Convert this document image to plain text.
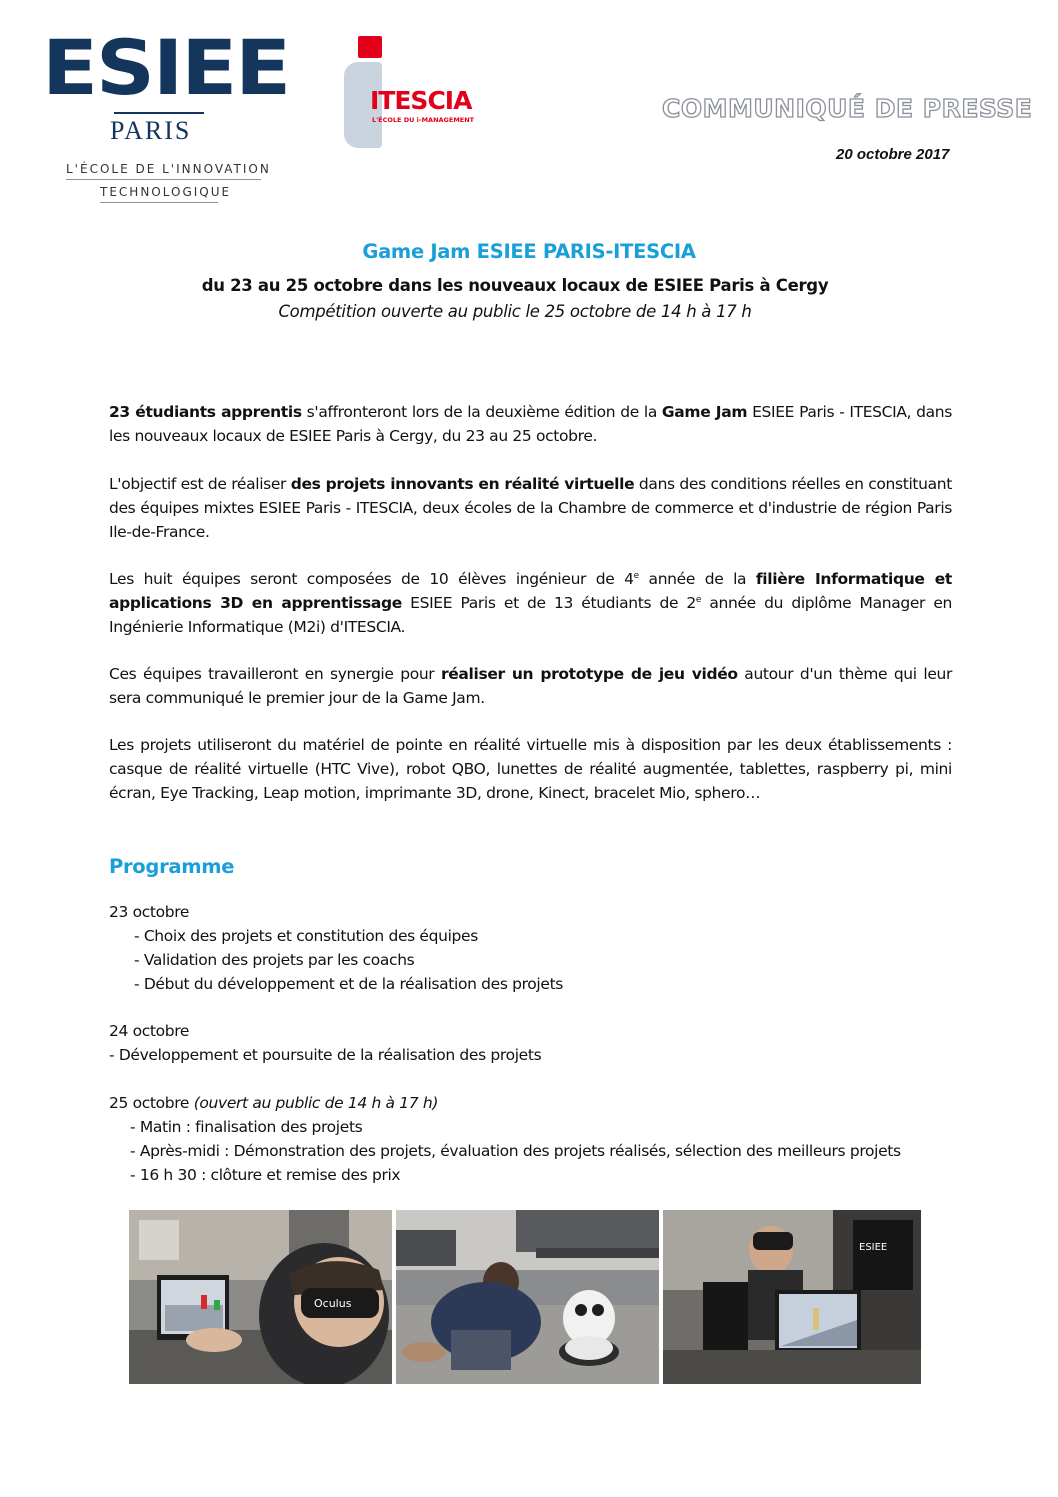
ESIEE
PARIS
L'ÉCOLE DE L'INNOVATION
TECHNOLOGIQUE
ITESCIA
L'ÉCOLE DU i-MANAGEMENT	COMMUNIQUÉ DE PRESSE
20 octobre 2017
Game Jam ESIEE PARIS-ITESCIA
du 23 au 25 octobre dans les nouveaux locaux de ESIEE Paris à Cergy
Compétition ouverte au public le 25 octobre de 14 h à 17 h
23 étudiants apprentis s'affronteront lors de la deuxième édition de la Game Jam ESIEE Paris - ITESCIA, dans les nouveaux locaux de ESIEE Paris à Cergy, du 23 au 25 octobre.
L'objectif est de réaliser des projets innovants en réalité virtuelle dans des conditions réelles en constituant des équipes mixtes ESIEE Paris - ITESCIA, deux écoles de la Chambre de commerce et d'industrie de région Paris Ile-de-France.
Les huit équipes seront composées de 10 élèves ingénieur de 4e année de la filière Informatique et applications 3D en apprentissage ESIEE Paris et de 13 étudiants de 2e année du diplôme Manager en Ingénierie Informatique (M2i) d'ITESCIA.
Ces équipes travailleront en synergie pour réaliser un prototype de jeu vidéo autour d'un thème qui leur sera communiqué le premier jour de la Game Jam.
Les projets utiliseront du matériel de pointe en réalité virtuelle mis à disposition par les deux établissements : casque de réalité virtuelle (HTC Vive), robot QBO, lunettes de réalité augmentée, tablettes, raspberry pi, mini écran, Eye Tracking, Leap motion, imprimante 3D, drone, Kinect, bracelet Mio, sphero…
Programme
23 octobre
- Choix des projets et constitution des équipes
- Validation des projets par les coachs
- Début du développement et de la réalisation des projets
24 octobre
- Développement et poursuite de la réalisation des projets
25 octobre (ouvert au public de 14 h à 17 h)
- Matin : finalisation des projets
- Après-midi : Démonstration des projets, évaluation des projets réalisés, sélection des meilleurs projets
- 16 h 30 : clôture et remise des prix
Oculus
ESIEE
